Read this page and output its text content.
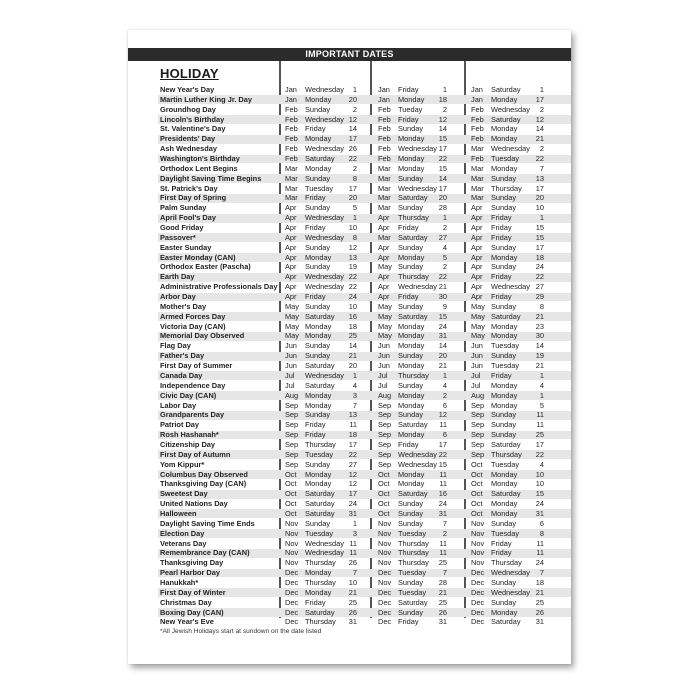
IMPORTANT DATES
HOLIDAY
New Year's Day	Jan Wednesday	1	Jan Friday	1	Jan Saturday	1
Martin Luther King Jr. Day	Jan Monday	20	Jan Monday	18	Jan Monday	17
Groundhog Day	Feb Sunday	2	Feb Tueday	2	Feb Wednesday	2
Lincoln's Birthday	Feb Wednesday 12	Feb Friday	12	Feb Saturday	12
St. Valentine's Day	Feb Friday	14	Feb Sunday	14	Feb Monday	14
Presidents' Day	Feb Monday	17	Feb Monday	15	Feb Monday	21
Ash Wednesday	Feb Wednesday 26	Feb Wednesday 17	Mar Wednesday	2
Washington's Birthday	Feb Saturday	22	Feb Monday	22	Feb Tuesday	22
Orthodox Lent Begins	Mar Monday	2	Mar Monday	15	Mar Monday	7
Daylight Saving Time Begins	Mar Sunday	8	Mar Sunday	14	Mar Sunday	13
St. Patrick's Day	Mar Tuesday	17	Mar Wednesday 17	Mar Thursday	17
First Day of Spring	Mar Friday	20	Mar Saturday	20	Mar Sunday	20
Palm Sunday	Apr Sunday	5	Mar Sunday	28	Apr Sunday	10
April Fool's Day	Apr Wednesday	1	Apr Thursday	1	Apr Friday	1
Good Friday	Apr Friday	10	Apr Friday	2	Apr Friday	15
Passover*	Apr Wednesday	8	Mar Saturday	27	Apr Friday	15
Easter Sunday	Apr Sunday	12	Apr Sunday	4	Apr Sunday	17
Easter Monday (CAN)	Apr Monday	13	Apr Monday	5	Apr Monday	18
Orthodox Easter (Pascha)	Apr Sunday	19	May Sunday	2	Apr Sunday	24
Earth Day	Apr Wednesday 22	Apr Thursday	22	Apr Friday	22
Administrative Professionals Day Apr Wednesday 22	Apr Wednesday 21	Apr Wednesday 27
Arbor Day	Apr Friday	24	Apr Friday	30	Apr Friday	29
Mother's Day	May Sunday	10	May Sunday	9	May Sunday	8
Armed Forces Day	May Saturday	16	May Saturday	15	May Saturday	21
Victoria Day (CAN)	May Monday	18	May Monday	24	May Monday	23
Memorial Day Observed	May Monday	25	May Monday	31	May Monday	30
Flag Day	Jun Sunday	14	Jun Monday	14	Jun Tuesday	14
Father's Day	Jun Sunday	21	Jun Sunday	20	Jun Sunday	19
First Day of Summer	Jun Saturday	20	Jun Monday	21	Jun Tuesday	21
Canada Day	Jul Wednesday	1	Jul Thursday	1	Jul Friday	1
Independence Day	Jul Saturday	4	Jul Sunday	4	Jul Monday	4
Civic Day (CAN)	Aug Monday	3	Aug Monday	2	Aug Monday	1
Labor Day	Sep Monday	7	Sep Monday	6	Sep Monday	5
Grandparents Day	Sep Sunday	13	Sep Sunday	12	Sep Sunday	11
Patriot Day	Sep Friday	11	Sep Saturday	11	Sep Sunday	11
Rosh Hashanah*	Sep Friday	18	Sep Monday	6	Sep Sunday	25
Citizenship Day	Sep Thursday	17	Sep Friday	17	Sep Saturday	17
First Day of Autumn	Sep Tuesday	22	Sep Wednesday 22	Sep Thursday	22
Yom Kippur*	Sep Sunday	27	Sep Wednesday 15	Oct Tuesday	4
Columbus Day Observed	Oct Monday	12	Oct Monday	11	Oct Monday	10
Thanksgiving Day (CAN)	Oct Monday	12	Oct Monday	11	Oct Monday	10
Sweetest Day	Oct Saturday	17	Oct Saturday	16	Oct Saturday	15
United Nations Day	Oct Saturday	24	Oct Sunday	24	Oct Monday	24
Halloween	Oct Saturday	31	Oct Sunday	31	Oct Monday	31
Daylight Saving Time Ends	Nov Sunday	1	Nov Sunday	7	Nov Sunday	6
Election Day	Nov Tuesday	3	Nov Tuesday	2	Nov Tuesday	8
Veterans Day	Nov Wednesday 11	Nov Thursday	11	Nov Friday	11
Remembrance Day (CAN)	Nov Wednesday 11	Nov Thursday	11	Nov Friday	11
Thanksgiving Day	Nov Thursday	26	Nov Thursday	25	Nov Thursday	24
Pearl Harbor Day	Dec Monday	7	Dec Tuesday	7	Dec Wednesday	7
Hanukkah*	Dec Thursday	10	Nov Sunday	28	Dec Sunday	18
First Day of Winter	Dec Monday	21	Dec Tuesday	21	Dec Wednesday 21
Christmas Day	Dec Friday	25	Dec Saturday	25	Dec Sunday	25
Boxing Day (CAN)	Dec Saturday	26	Dec Sunday	26	Dec Monday	26
New Year's Eve	Dec Thursday	31	Dec Friday	31	Dec Saturday	31
*All Jewish Holidays start at sundown on the date listed
